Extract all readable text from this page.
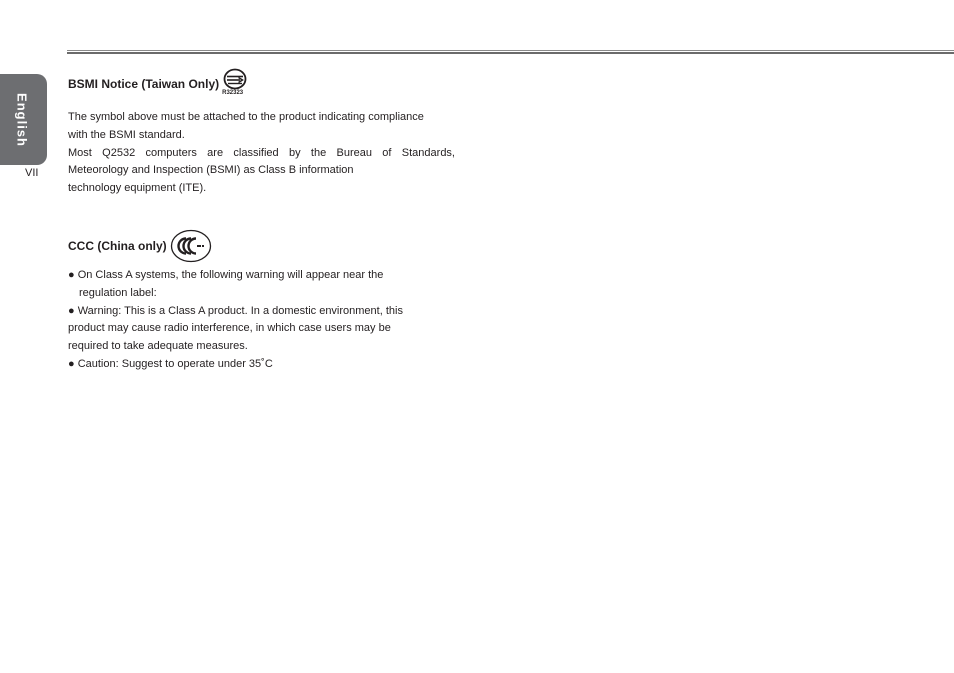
English
VII
BSMI Notice (Taiwan Only)
R32323

The symbol above must be attached to the product indicating compliance

with the BSMI standard.

Most Q2532 computers are classified by the Bureau of Standards,

Meteorology and Inspection (BSMI) as Class B information

technology equipment (ITE).

CCC (China only)

● On Class A systems, the following warning will appear near the

regulation label:

● Warning: This is a Class A product. In a domestic environment, this

product may cause radio interference, in which case users may be

required to take adequate measures.

● Caution: Suggest to operate under 35˚C
